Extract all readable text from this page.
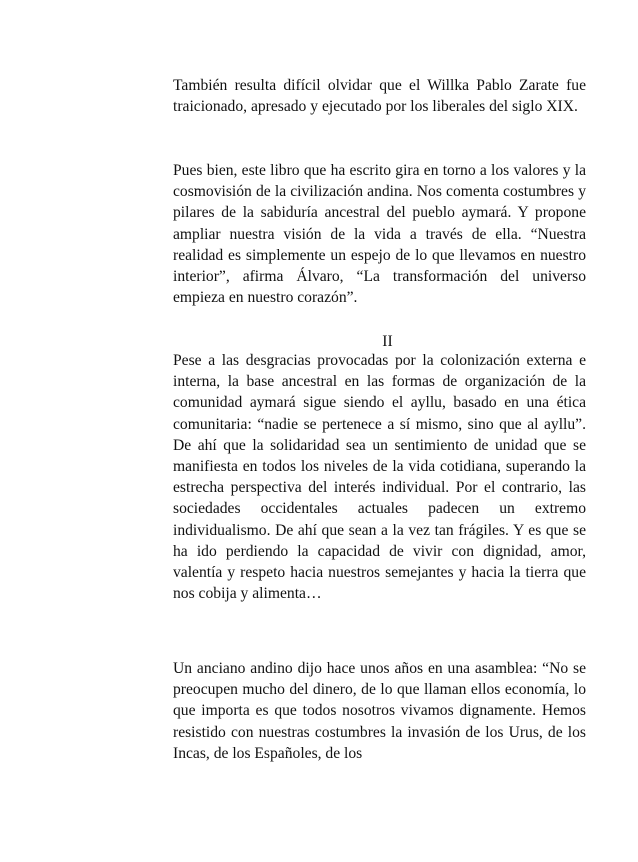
También resulta difícil olvidar que el Willka Pablo Zarate fue traicionado, apresado y ejecutado por los liberales del siglo XIX.

Pues bien, este libro que ha escrito gira en torno a los valores y la cosmovisión de la civilización andina. Nos comenta costumbres y pilares de la sabiduría ancestral del pueblo aymará. Y propone ampliar nuestra visión de la vida a través de ella. “Nuestra realidad es simplemente un espejo de lo que llevamos en nuestro interior”, afirma Álvaro, “La transformación del universo empieza en nuestro corazón”.

II

Pese a las desgracias provocadas por la colonización externa e interna, la base ancestral en las formas de organización de la comunidad aymará sigue siendo el ayllu, basado en una ética comunitaria: “nadie se pertenece a sí mismo, sino que al ayllu”. De ahí que la solidaridad sea un sentimiento de unidad que se manifiesta en todos los niveles de la vida cotidiana, superando la estrecha perspectiva del interés individual. Por el contrario, las sociedades occidentales actuales padecen un extremo individualismo. De ahí que sean a la vez tan frágiles. Y es que se ha ido perdiendo la capacidad de vivir con dignidad, amor, valentía y respeto hacia nuestros semejantes y hacia la tierra que nos cobija y alimenta…

Un anciano andino dijo hace unos años en una asamblea: “No se preocupen mucho del dinero, de lo que llaman ellos economía, lo que importa es que todos nosotros vivamos dignamente. Hemos resistido con nuestras costumbres la invasión de los Urus, de los Incas, de los Españoles, de los
